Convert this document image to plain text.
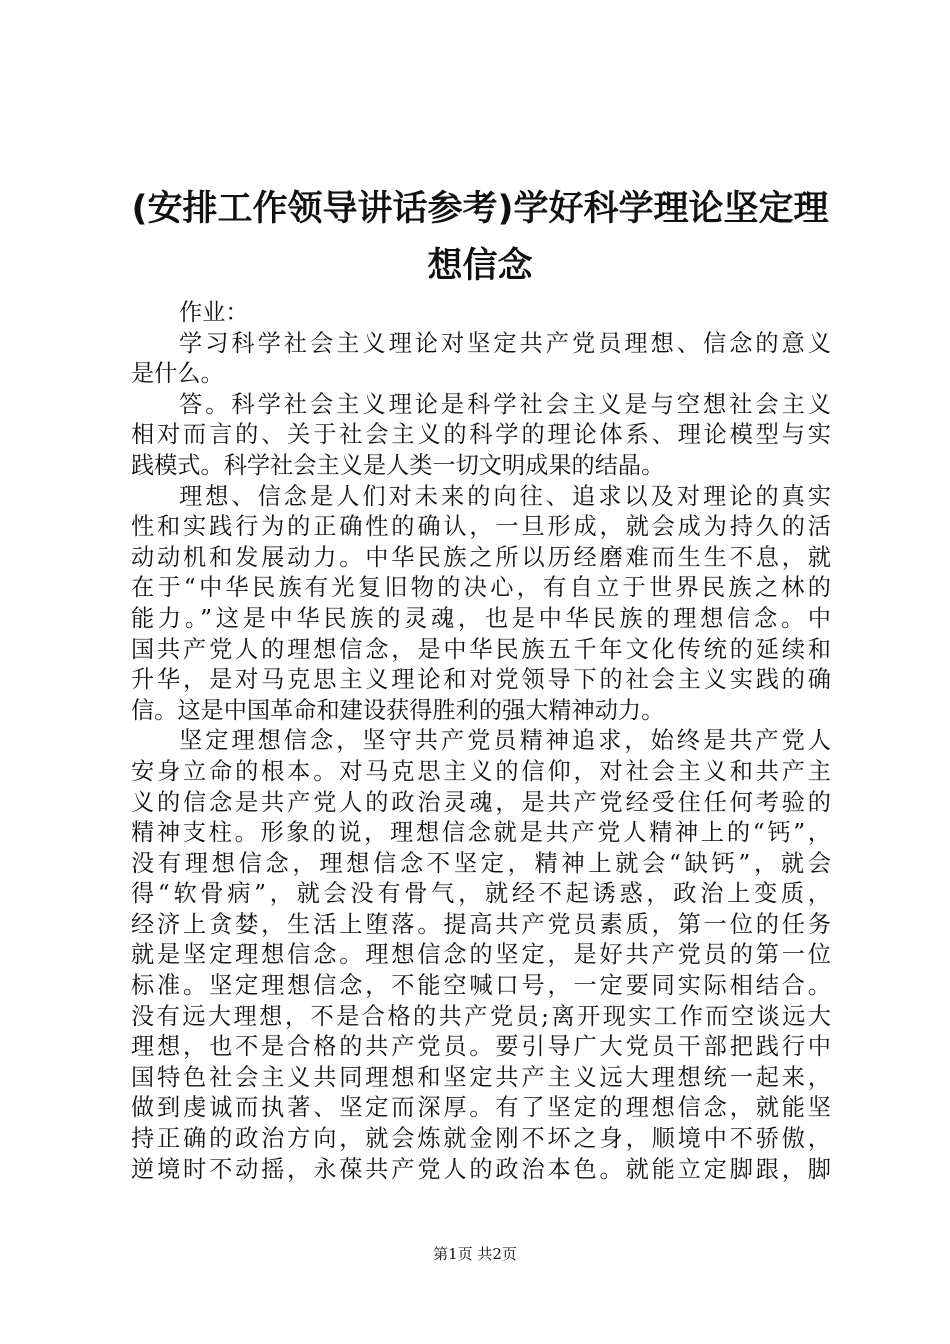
(安排工作领导讲话参考)学好科学理论坚定理
想信念
作业：
学习科学社会主义理论对坚定共产党员理想、信念的意义
是什么。
答。科学社会主义理论是科学社会主义是与空想社会主义
相对而言的、关于社会主义的科学的理论体系、理论模型与实
践模式。科学社会主义是人类一切文明成果的结晶。
理想、信念是人们对未来的向往、追求以及对理论的真实
性和实践行为的正确性的确认，一旦形成，就会成为持久的活
动动机和发展动力。中华民族之所以历经磨难而生生不息，就
在于“中华民族有光复旧物的决心，有自立于世界民族之林的
能力。”这是中华民族的灵魂，也是中华民族的理想信念。中
国共产党人的理想信念，是中华民族五千年文化传统的延续和
升华，是对马克思主义理论和对党领导下的社会主义实践的确
信。这是中国革命和建设获得胜利的强大精神动力。
坚定理想信念，坚守共产党员精神追求，始终是共产党人
安身立命的根本。对马克思主义的信仰，对社会主义和共产主
义的信念是共产党人的政治灵魂，是共产党经受住任何考验的
精神支柱。形象的说，理想信念就是共产党人精神上的“钙”，
没有理想信念，理想信念不坚定，精神上就会“缺钙”，就会
得“软骨病”，就会没有骨气，就经不起诱惑，政治上变质，
经济上贪婪，生活上堕落。提高共产党员素质，第一位的任务
就是坚定理想信念。理想信念的坚定，是好共产党员的第一位
标准。坚定理想信念，不能空喊口号，一定要同实际相结合。
没有远大理想，不是合格的共产党员;离开现实工作而空谈远大
理想，也不是合格的共产党员。要引导广大党员干部把践行中
国特色社会主义共同理想和坚定共产主义远大理想统一起来，
做到虔诚而执著、坚定而深厚。有了坚定的理想信念，就能坚
持正确的政治方向，就会炼就金刚不坏之身，顺境中不骄傲，
逆境时不动摇，永葆共产党人的政治本色。就能立定脚跟，脚
第1页 共2页
